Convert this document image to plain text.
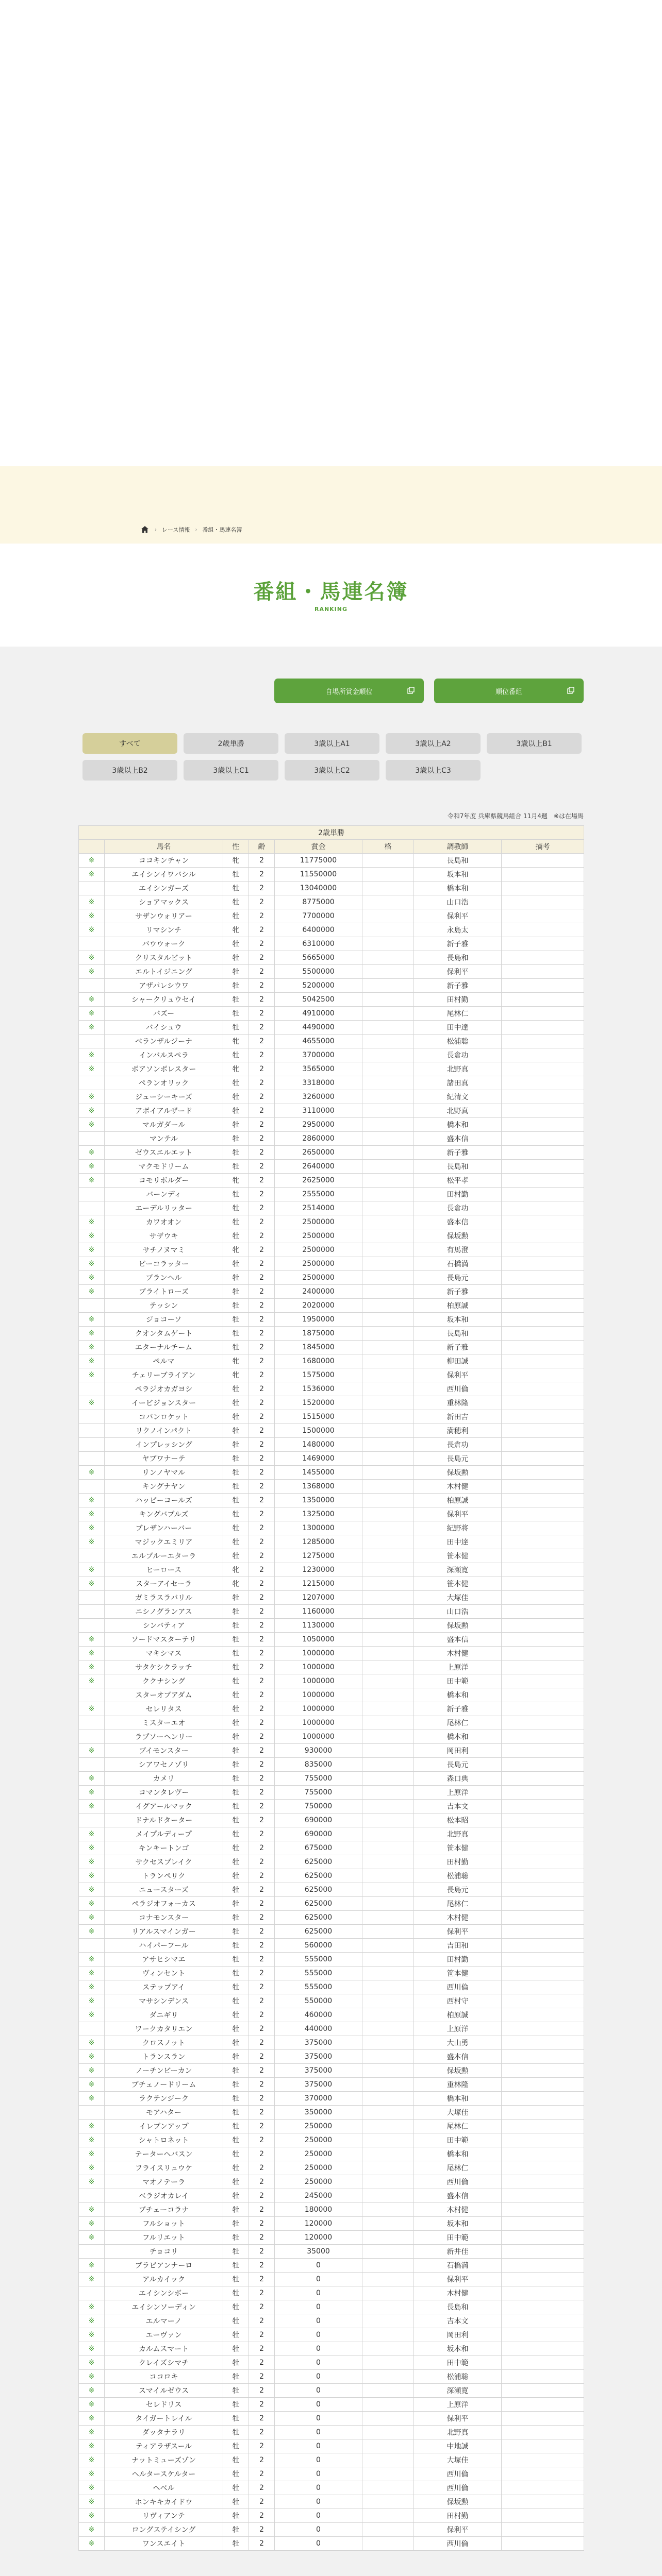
› レース情報 › 番組・馬連名簿
番組・馬連名簿
RANKING
自場所賞金順位	順位番組
すべて	2歳単勝	3歳以上A1	3歳以上A2	3歳以上B1
3歳以上B2	3歳以上C1	3歳以上C2	3歳以上C3
令和7年度 兵庫県競馬組合 11月4週　※は在場馬
2歳単勝							
	馬名	性	齢	賞金	格	調教師	摘考
※	ココキンチャン	牝	2	11775000		長島和	
※	エイシンイワバシル	牡	2	11550000		坂本和	
	エイシンガーズ	牡	2	13040000		橋本和	
※	ショアマックス	牡	2	8775000		山口浩	
※	サザンウォリアー	牡	2	7700000		保利平	
※	リマシンチ	牝	2	6400000		永島太	
	バウウォーク	牡	2	6310000		新子雅	
※	クリスタルビット	牡	2	5665000		長島和	
※	エルトイジニング	牡	2	5500000		保利平	
	アザパレシウワ	牡	2	5200000		新子雅	
※	シャークリュウセイ	牡	2	5042500		田村勤	
※	バズー	牡	2	4910000		尾林仁	
※	バイシュウ	牡	2	4490000		田中達	
	ベランザルジーナ	牝	2	4655000		松浦聡	
※	インバルスペラ	牡	2	3700000		長倉功	
※	ボアソンボレスター	牝	2	3565000		北野真	
	ペランオリック	牡	2	3318000		諸田真	
※	ジューシーキーズ	牡	2	3260000		紀清文	
※	アボイアルザード	牡	2	3110000		北野真	
※	マルガダール	牡	2	2950000		橋本和	
	マンテル	牡	2	2860000		盛本信	
※	ゼウスエルエット	牡	2	2650000		新子雅	
※	マクモドリーム	牡	2	2640000		長島和	
※	コモリボルダー	牝	2	2625000		松平孝	
	バーンディ	牡	2	2555000		田村勤	
	エーデルリッター	牡	2	2514000		長倉功	
※	カワオオン	牡	2	2500000		盛本信	
※	サザウキ	牡	2	2500000		保坂勲	
※	サチノヌマミ	牝	2	2500000		有馬澄	
※	ビーコラッター	牡	2	2500000		石橋満	
※	ブランヘル	牡	2	2500000		長島元	
※	ブライトローズ	牡	2	2400000		新子雅	
	テッシン	牡	2	2020000		柏原誠	
※	ジョコーソ	牡	2	1950000		坂本和	
※	クオンタムゲート	牡	2	1875000		長島和	
※	エターナルチーム	牡	2	1845000		新子雅	
※	ペルマ	牝	2	1680000		柳田誠	
※	チェリーブライアン	牝	2	1575000		保利平	
	ペラジオカガヨシ	牡	2	1536000		西川倫	
※	イービジョンスター	牡	2	1520000		重林隆	
	コバンロケット	牡	2	1515000		新田吉	
	リクノインパクト	牡	2	1500000		満穂利	
	インプレッシング	牡	2	1480000		長倉功	
	ヤブワナーテ	牡	2	1469000		長島元	
※	リンノヤマル	牡	2	1455000		保坂勲	
	キングナヤン	牡	2	1368000		木村健	
※	ハッピーコールズ	牡	2	1350000		柏原誠	
※	キングバブルズ	牡	2	1325000		保利平	
※	ブレザンハーバー	牡	2	1300000		紀野将	
※	マジックエミリア	牡	2	1285000		田中達	
	エルブルーエターラ	牡	2	1275000		笹本健	
※	ヒーロース	牝	2	1230000		深瀬寛	
※	スターアイセーラ	牝	2	1215000		笹本健	
	ガミラスラバリル	牡	2	1207000		大塚佳	
	ニシノグランアス	牡	2	1160000		山口浩	
	シンバティア	牡	2	1130000		保坂勲	
※	ソードマスターテリ	牡	2	1050000		盛本信	
※	マキシマス	牡	2	1000000		木村健	
※	サタケシクラッチ	牡	2	1000000		上原洋	
※	ククナシング	牡	2	1000000		田中範	
	スターオブアダム	牡	2	1000000		橋本和	
※	セレリタス	牡	2	1000000		新子雅	
	ミスターエオ	牡	2	1000000		尾林仁	
	ラプソーヘンリー	牡	2	1000000		橋本和	
※	ブイモンスター	牡	2	930000		岡田利	
	シアワセノゾリ	牡	2	835000		長島元	
※	カメリ	牡	2	755000		森口典	
※	コマンタレヴー	牡	2	755000		上原洋	
※	イグアールマック	牡	2	750000		吉本文	
	ドナルドターター	牡	2	690000		松本昭	
※	メイプルディープ	牡	2	690000		北野真	
※	キンキートンゴ	牡	2	675000		笹本健	
※	サクセスブレイク	牡	2	625000		田村勤	
※	トランペリク	牡	2	625000		松浦聡	
※	ニュースターズ	牡	2	625000		長島元	
※	ペラジオフォーカス	牡	2	625000		尾林仁	
※	コナモンスター	牡	2	625000		木村健	
※	リアルスマインガー	牡	2	625000		保利平	
	ハイパーフール	牡	2	560000		吉田和	
※	アサヒシマエ	牡	2	555000		田村勤	
※	ヴィンセント	牡	2	555000		笹本健	
※	ステップアイ	牡	2	555000		西川倫	
※	マサシンデンス	牡	2	550000		西村守	
※	ダニギリ	牡	2	460000		柏原誠	
	ワークカタリエン	牡	2	440000		上原洋	
※	クロスノット	牡	2	375000		大山勇	
※	トランスラン	牡	2	375000		盛本信	
※	ノーチンビーカン	牡	2	375000		保坂勲	
※	ブチェノードリーム	牡	2	375000		重林隆	
※	ラクテンジーク	牡	2	370000		橋本和	
	モアハター	牡	2	350000		大塚佳	
※	イレブンアップ	牡	2	250000		尾林仁	
※	シャトロネット	牡	2	250000		田中範	
※	テーターヘバスン	牡	2	250000		橋本和	
※	フライスリュウケ	牡	2	250000		尾林仁	
※	マオノテーラ	牡	2	250000		西川倫	
	ベラジオカレイ	牡	2	245000		盛本信	
※	ブチェーコラナ	牡	2	180000		木村健	
※	フルショット	牡	2	120000		坂本和	
※	フルリエット	牡	2	120000		田中範	
	チョコリ	牡	2	35000		新井佳	
※	ブラビアンナーロ	牡	2	0		石橋満	
※	アルカイック	牡	2	0		保利平	
	エイシンシボー	牡	2	0		木村健	
※	エイシンソーディン	牡	2	0		長島和	
※	エルマーノ	牡	2	0		吉本文	
※	エーヴァン	牡	2	0		岡田利	
※	カルムスマート	牡	2	0		坂本和	
※	クレイズシマチ	牡	2	0		田中範	
※	ココロキ	牡	2	0		松浦聡	
※	スマイルゼウス	牡	2	0		深瀬寛	
※	セレドリス	牡	2	0		上原洋	
※	タイガートレイル	牡	2	0		保利平	
※	ダッタナラリ	牡	2	0		北野真	
※	ティアラザスール	牡	2	0		中地誠	
※	ナットミューズゾン	牡	2	0		大塚佳	
※	ヘルタースケルター	牡	2	0		西川倫	
※	ヘベル	牡	2	0		西川倫	
※	ホンキキカイドウ	牡	2	0		保坂勲	
※	リヴィアンテ	牡	2	0		田村勤	
※	ロングステイシング	牡	2	0		保利平	
※	ワンスエイト	牡	2	0		西川倫	
